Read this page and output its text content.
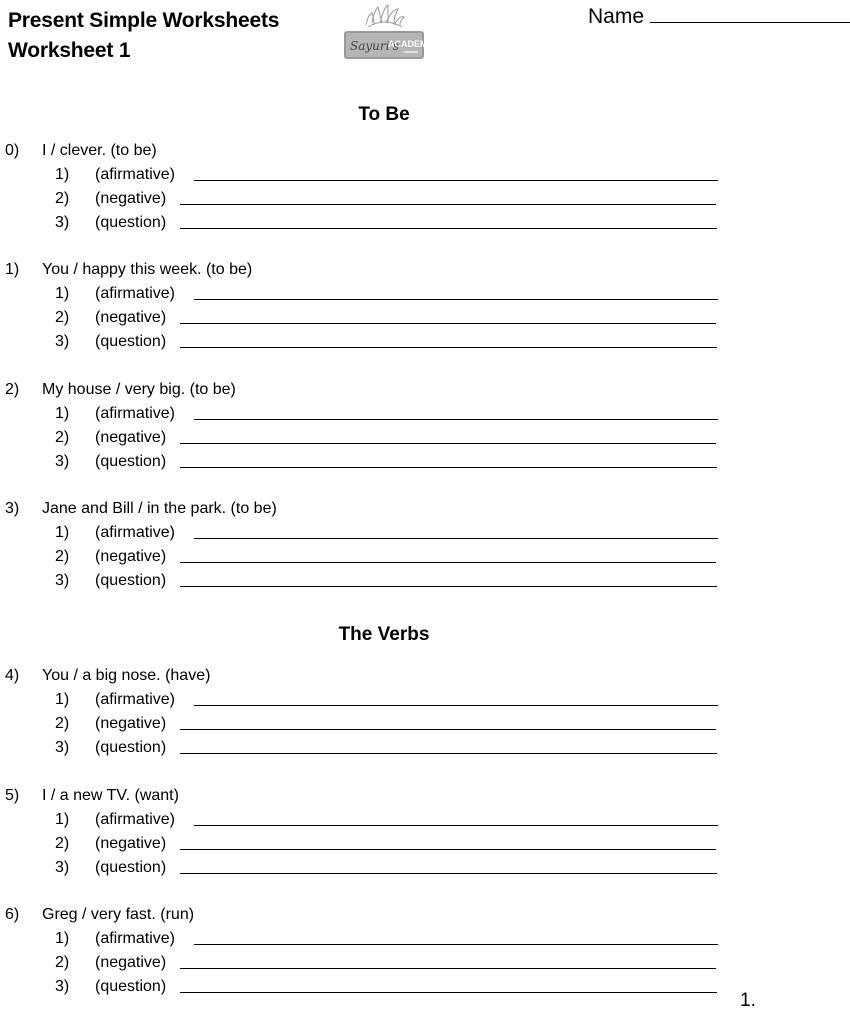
Present Simple Worksheets
Worksheet 1	Sayuri's
ACADEMY
Name
To Be
0) I / clever. (to be)
1) (afirmative)
2) (negative)
3) (question)
1) You / happy this week. (to be)
1) (afirmative)
2) (negative)
3) (question)
2) My house / very big. (to be)
1) (afirmative)
2) (negative)
3) (question)
3) Jane and Bill / in the park. (to be)
1) (afirmative)
2) (negative)
3) (question)
The Verbs
4) You / a big nose. (have)
1) (afirmative)
2) (negative)
3) (question)
5) I / a new TV. (want)
1) (afirmative)
2) (negative)
3) (question)
6) Greg / very fast. (run)
1) (afirmative)
2) (negative)
3) (question)
1.
